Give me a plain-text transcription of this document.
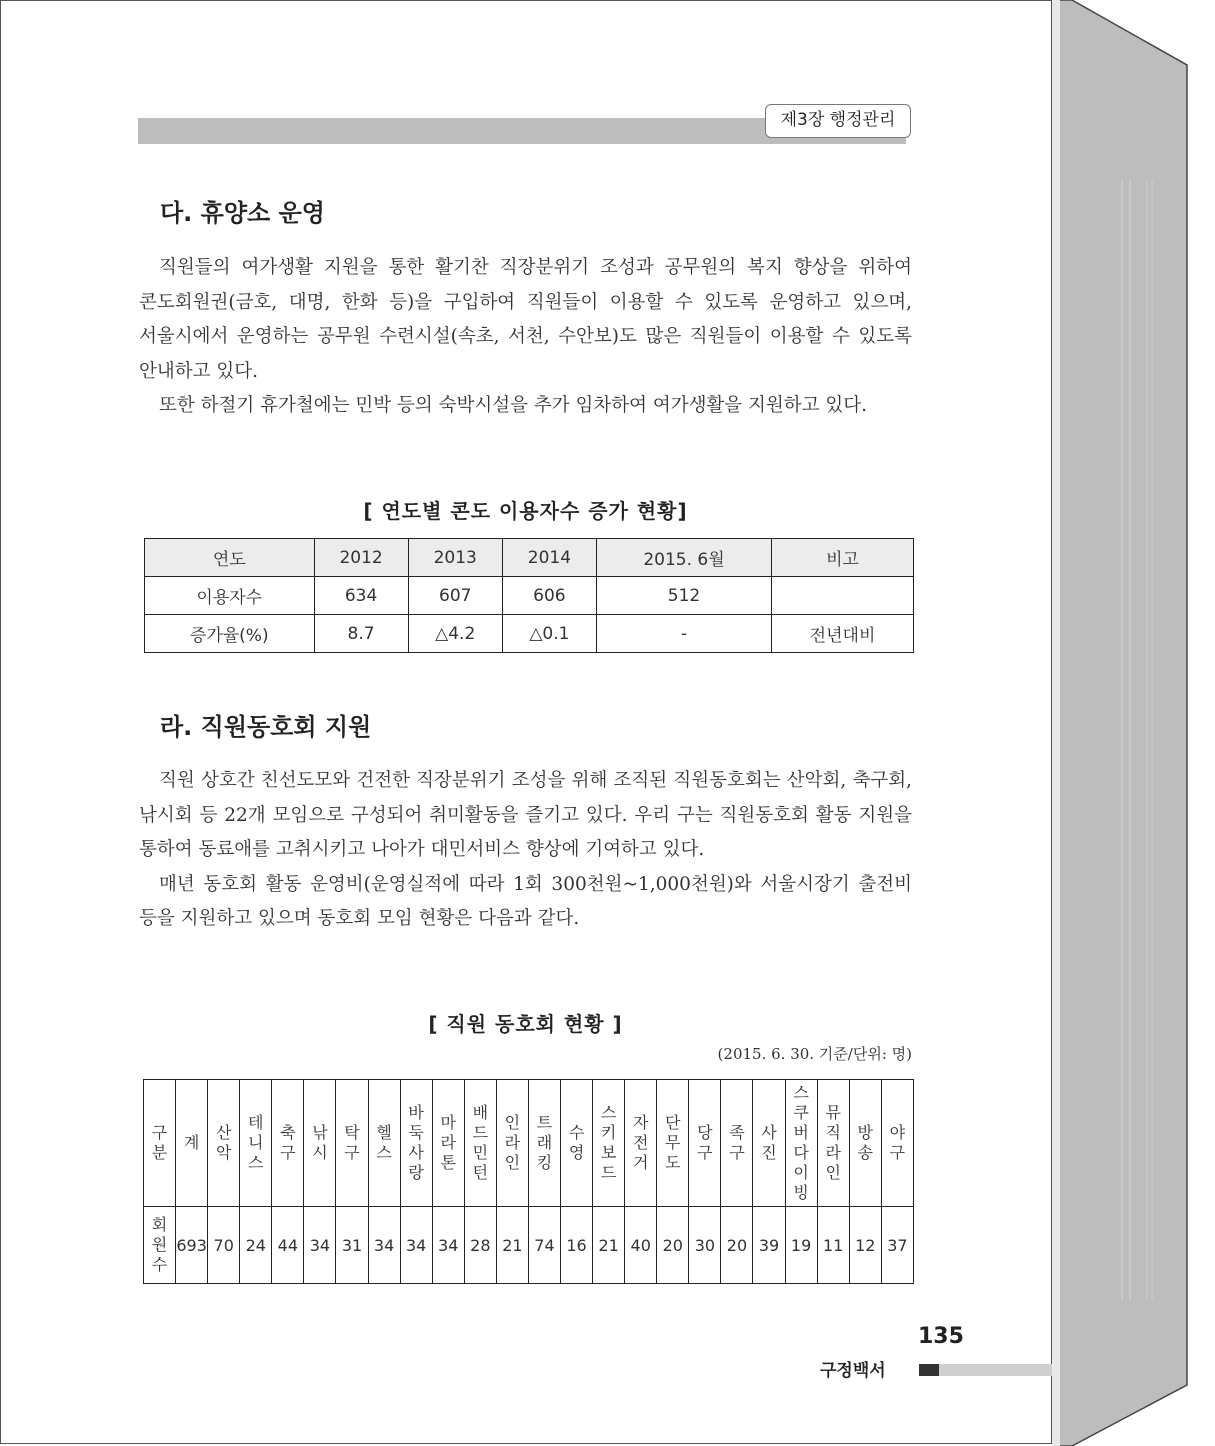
제3장 행정관리
다. 휴양소 운영

직원들의 여가생활 지원을 통한 활기찬 직장분위기 조성과 공무원의 복지 향상을 위하여 콘도회원권(금호, 대명, 한화 등)을 구입하여 직원들이 이용할 수 있도록 운영하고 있으며, 서울시에서 운영하는 공무원 수련시설(속초, 서천, 수안보)도 많은 직원들이 이용할 수 있도록 안내하고 있다.

또한 하절기 휴가철에는 민박 등의 숙박시설을 추가 임차하여 여가생활을 지원하고 있다.

[ 연도별 콘도 이용자수 증가 현황]
연도	2012	2013	2014	2015. 6월	비고
이용자수	634	607	606	512	
증가율(%)	8.7	△4.2	△0.1	-	전년대비
라. 직원동호회 지원

직원 상호간 친선도모와 건전한 직장분위기 조성을 위해 조직된 직원동호회는 산악회, 축구회, 낚시회 등 22개 모임으로 구성되어 취미활동을 즐기고 있다. 우리 구는 직원동호회 활동 지원을 통하여 동료애를 고취시키고 나아가 대민서비스 향상에 기여하고 있다.

매년 동호회 활동 운영비(운영실적에 따라 1회 300천원~1,000천원)와 서울시장기 출전비 등을 지원하고 있으며 동호회 모임 현황은 다음과 같다.

[ 직원 동호회 현황 ]
(2015. 6. 30. 기준/단위: 명)
구분	계	산악	테니스	축구	낚시	탁구	헬스	바둑사랑	마라톤	배드민턴	인라인	트래킹	수영	스키보드	자전거	단무도	당구	족구	사진	스쿠버다이빙	뮤직라인	방송	야구
회원수	693	70	24	44	34	31	34	34	34	28	21	74	16	21	40	20	30	20	39	19	11	12	37
135
구정백서
